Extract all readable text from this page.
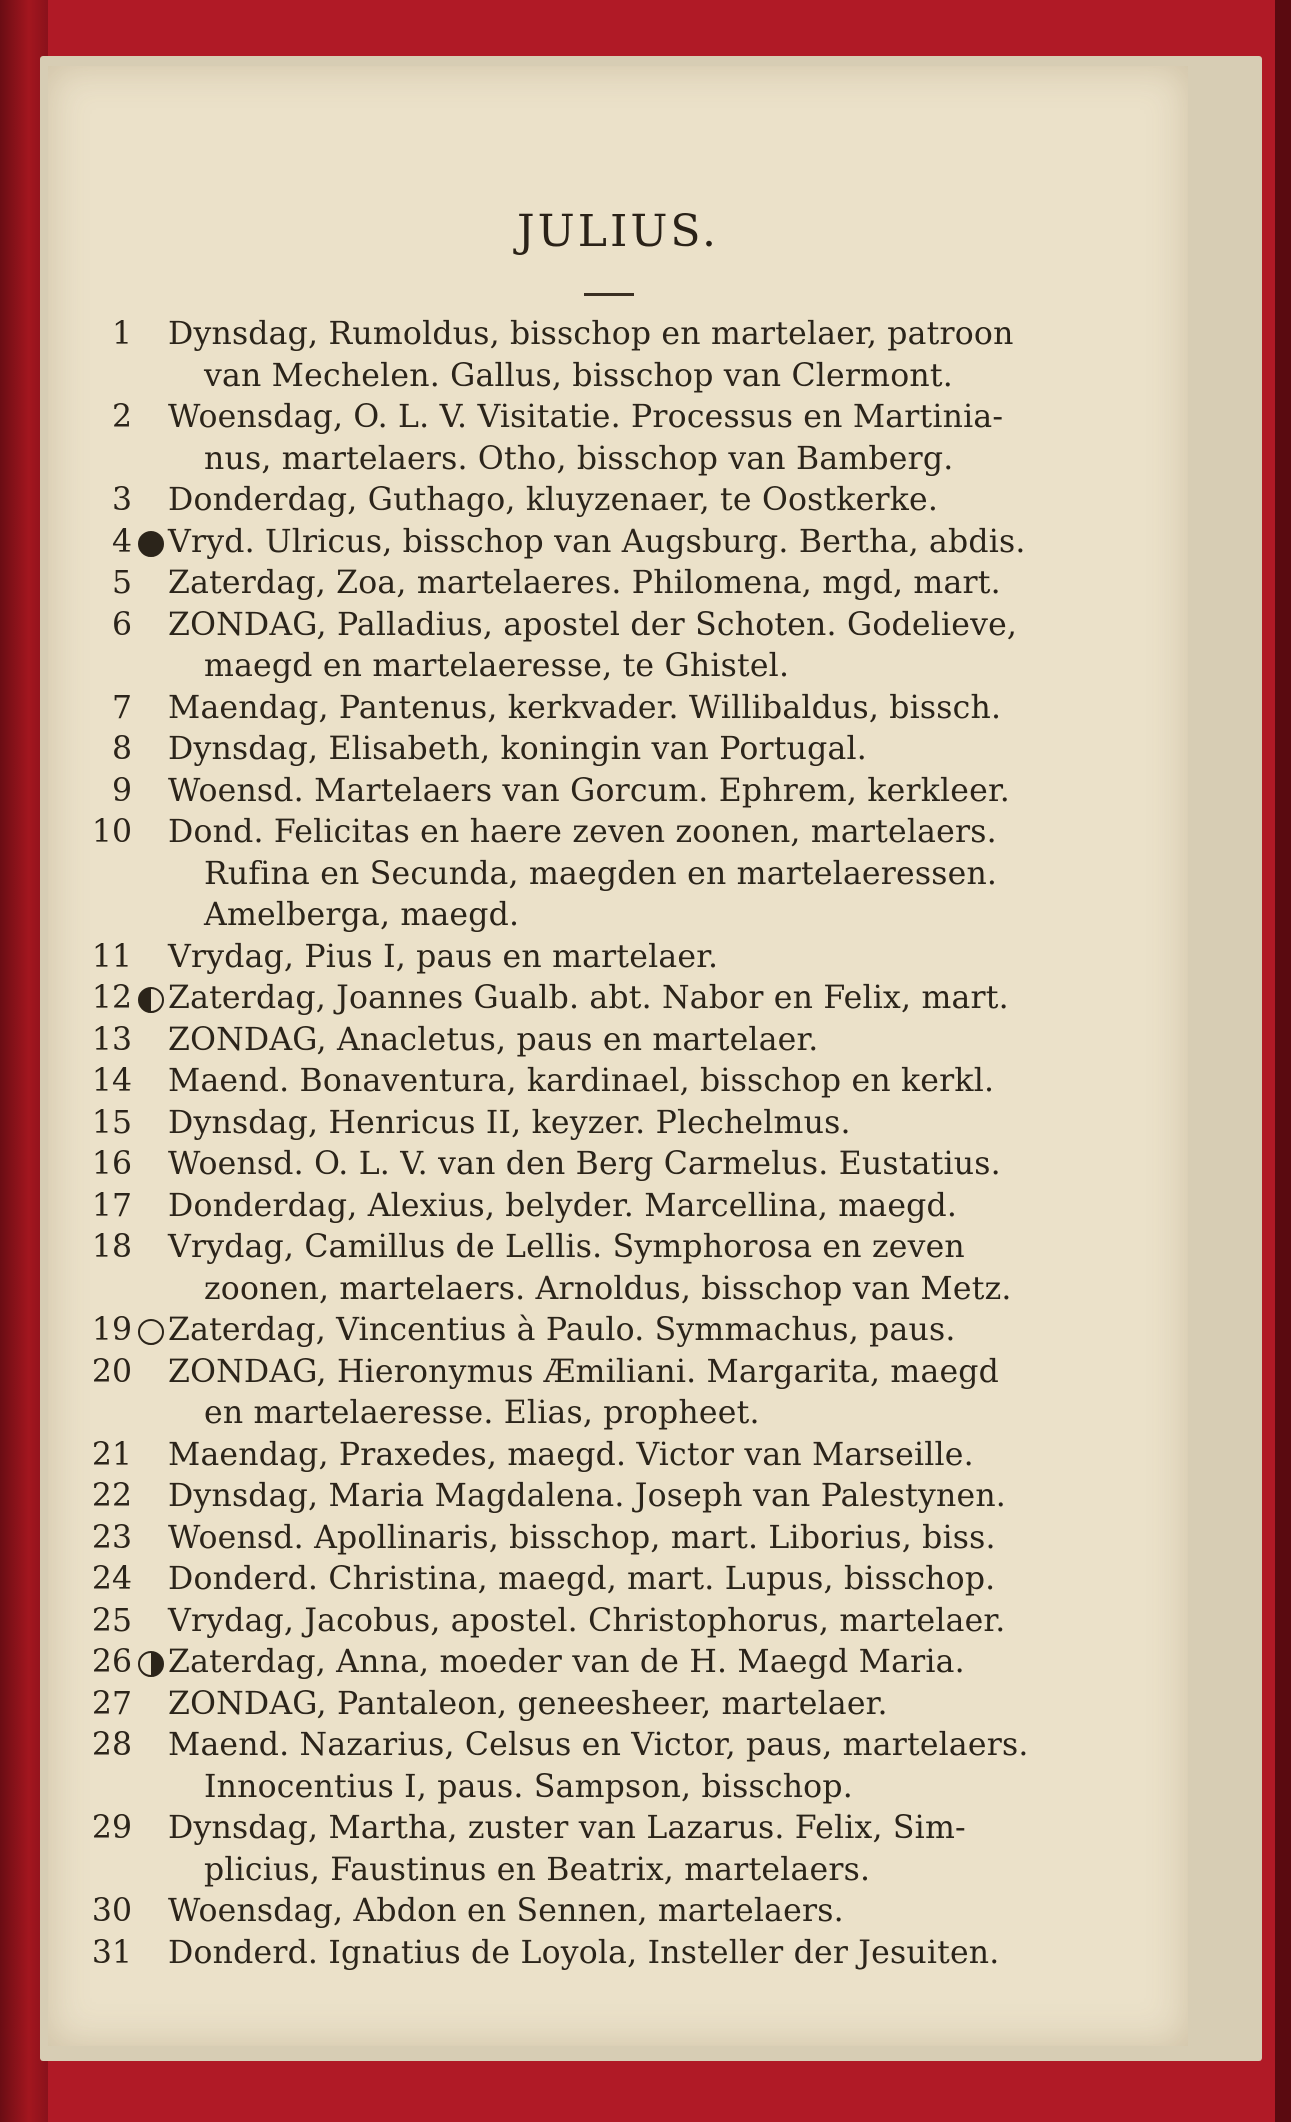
JULIUS.
1	Dynsdag, Rumoldus, bisschop en martelaer, patroon
van Mechelen. Gallus, bisschop van Clermont.
2	Woensdag, O. L. V. Visitatie. Processus en Martinia-
nus, martelaers. Otho, bisschop van Bamberg.
3	Donderdag, Guthago, kluyzenaer, te Oostkerke.
4	Vryd. Ulricus, bisschop van Augsburg. Bertha, abdis.
5	Zaterdag, Zoa, martelaeres. Philomena, mgd, mart.
6	ZONDAG, Palladius, apostel der Schoten. Godelieve,
maegd en martelaeresse, te Ghistel.
7	Maendag, Pantenus, kerkvader. Willibaldus, bissch.
8	Dynsdag, Elisabeth, koningin van Portugal.
9	Woensd. Martelaers van Gorcum. Ephrem, kerkleer.
10	Dond. Felicitas en haere zeven zoonen, martelaers.
Rufina en Secunda, maegden en martelaeressen.
Amelberga, maegd.
11	Vrydag, Pius I, paus en martelaer.
12	Zaterdag, Joannes Gualb. abt. Nabor en Felix, mart.
13	ZONDAG, Anacletus, paus en martelaer.
14	Maend. Bonaventura, kardinael, bisschop en kerkl.
15	Dynsdag, Henricus II, keyzer. Plechelmus.
16	Woensd. O. L. V. van den Berg Carmelus. Eustatius.
17	Donderdag, Alexius, belyder. Marcellina, maegd.
18	Vrydag, Camillus de Lellis. Symphorosa en zeven
zoonen, martelaers. Arnoldus, bisschop van Metz.
19	Zaterdag, Vincentius à Paulo. Symmachus, paus.
20	ZONDAG, Hieronymus Æmiliani. Margarita, maegd
en martelaeresse. Elias, propheet.
21	Maendag, Praxedes, maegd. Victor van Marseille.
22	Dynsdag, Maria Magdalena. Joseph van Palestynen.
23	Woensd. Apollinaris, bisschop, mart. Liborius, biss.
24	Donderd. Christina, maegd, mart. Lupus, bisschop.
25	Vrydag, Jacobus, apostel. Christophorus, martelaer.
26	Zaterdag, Anna, moeder van de H. Maegd Maria.
27	ZONDAG, Pantaleon, geneesheer, martelaer.
28	Maend. Nazarius, Celsus en Victor, paus, martelaers.
Innocentius I, paus. Sampson, bisschop.
29	Dynsdag, Martha, zuster van Lazarus. Felix, Sim-
plicius, Faustinus en Beatrix, martelaers.
30	Woensdag, Abdon en Sennen, martelaers.
31	Donderd. Ignatius de Loyola, Insteller der Jesuiten.
